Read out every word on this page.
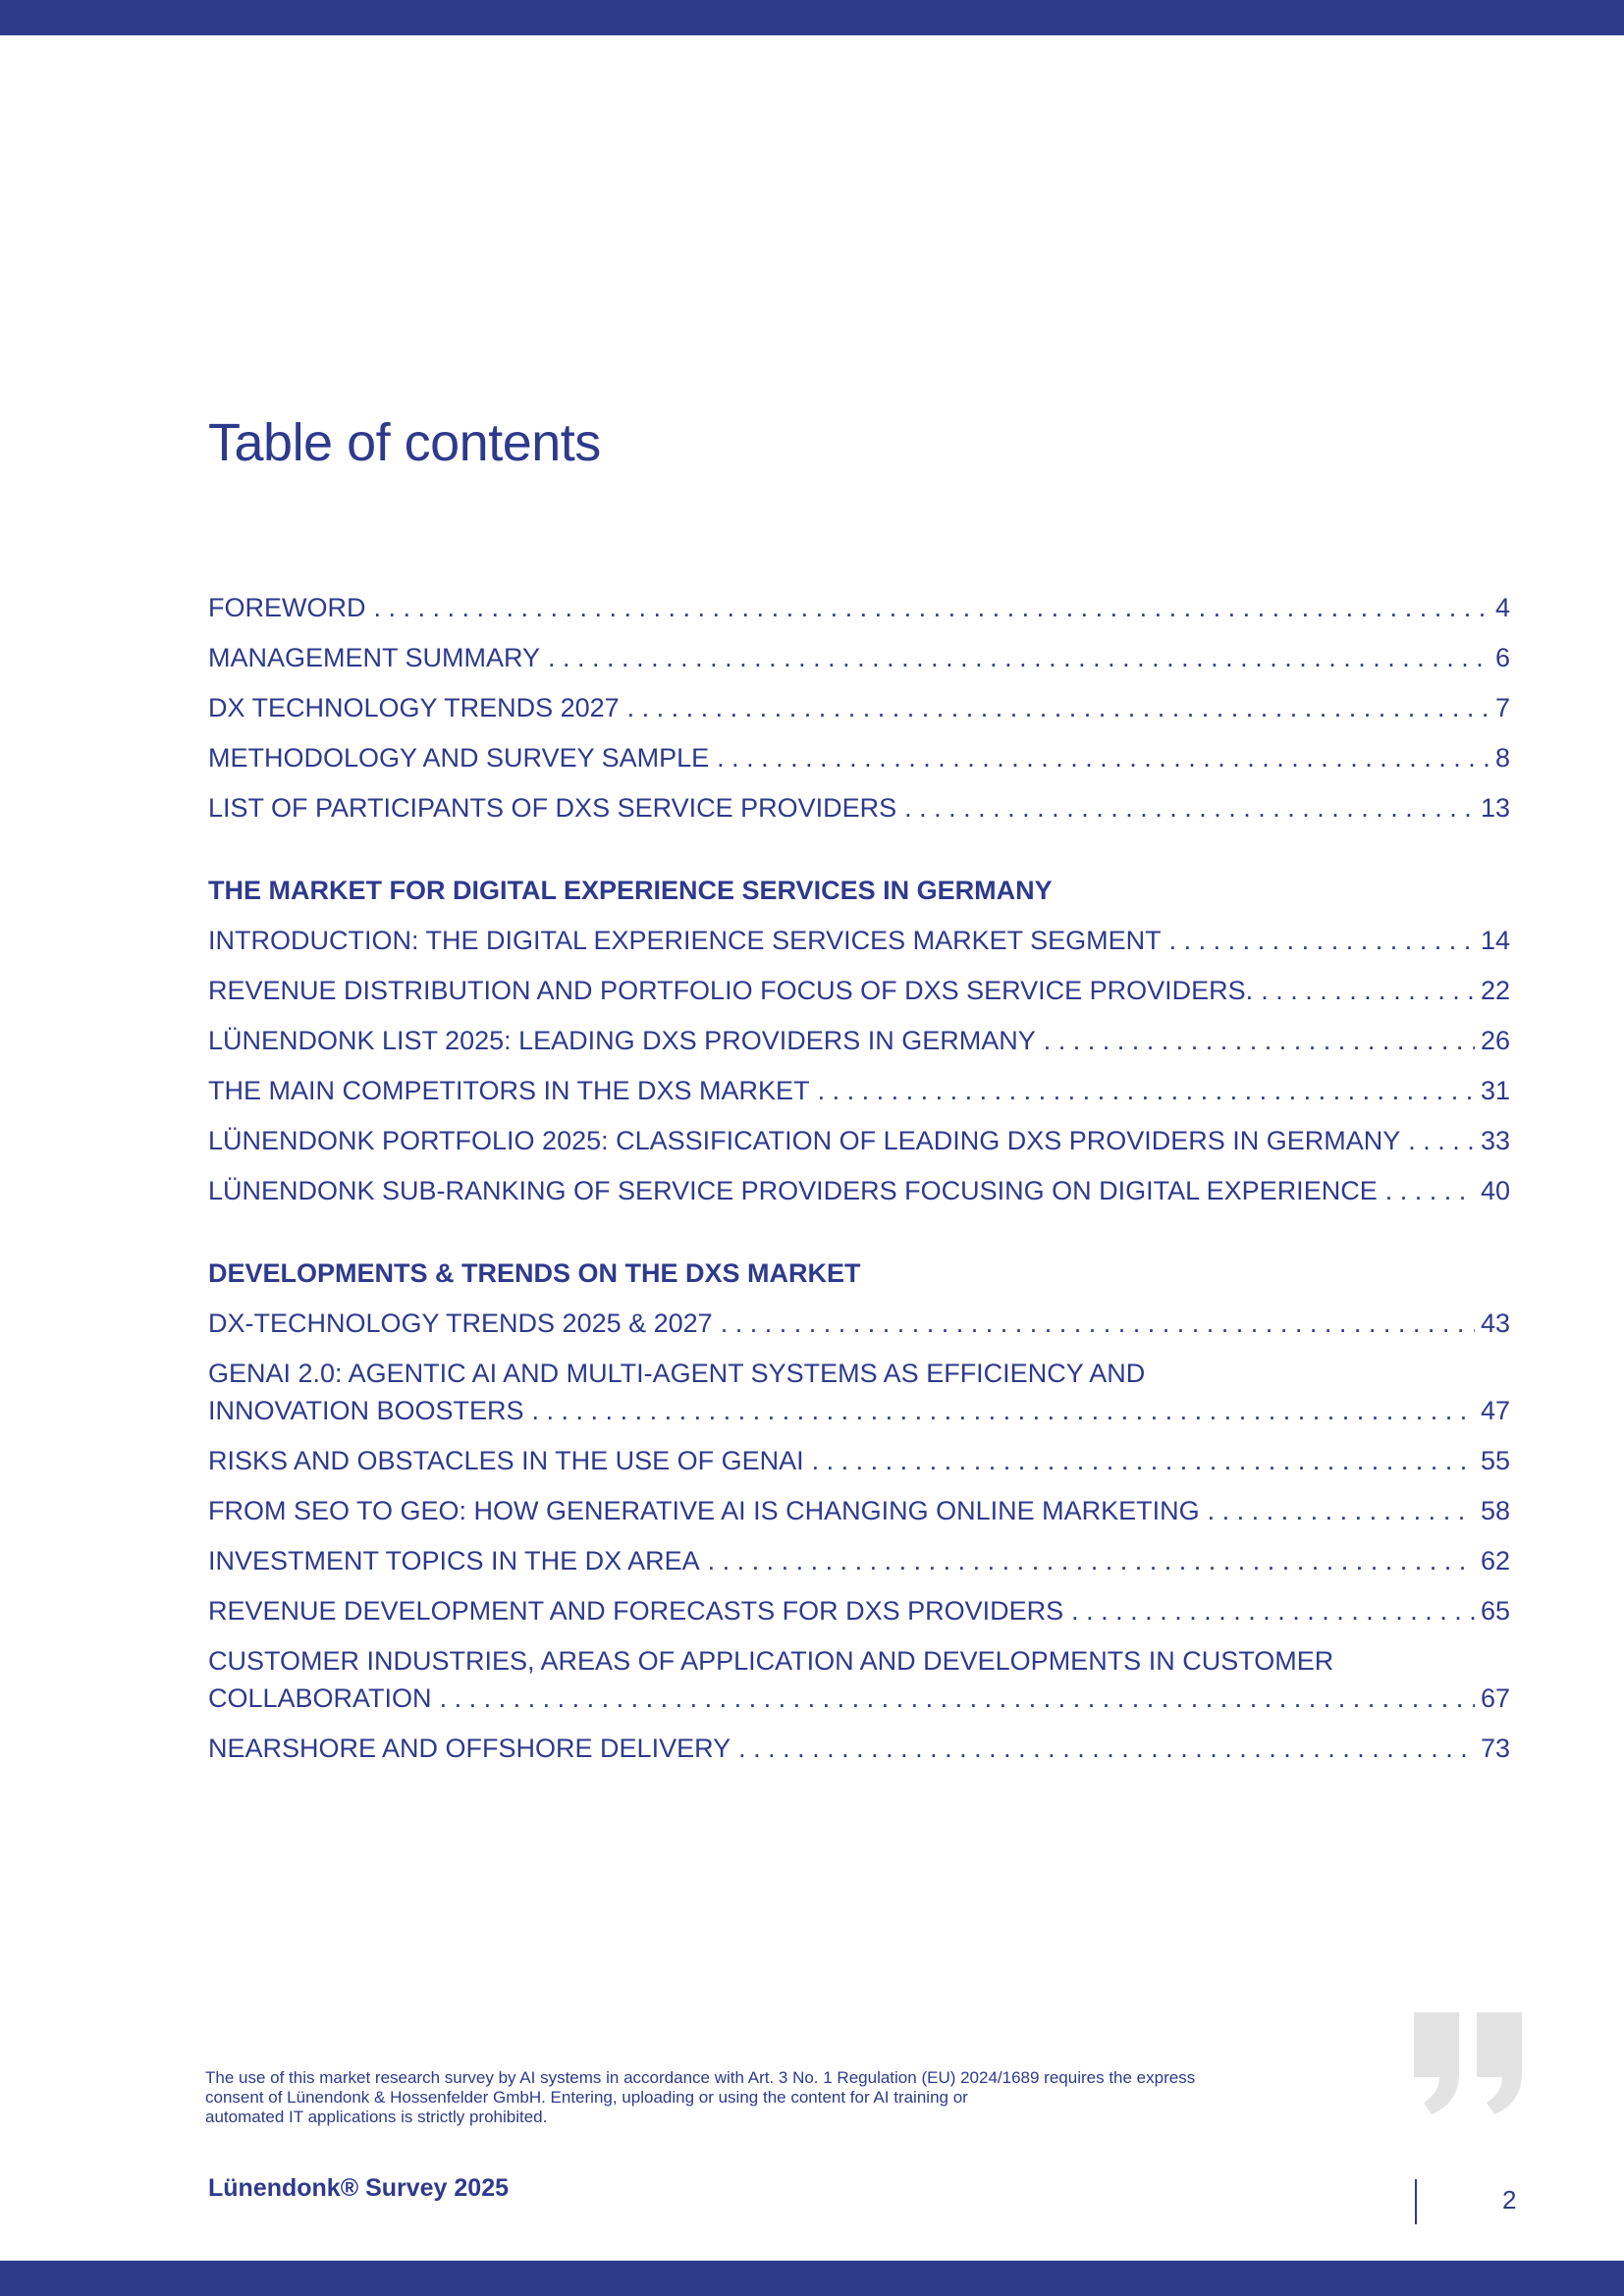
Table of contents
FOREWORD . . .	4
MANAGEMENT SUMMARY . . .	6
DX TECHNOLOGY TRENDS 2027 . . .	7
METHODOLOGY AND SURVEY SAMPLE . . .	8
LIST OF PARTICIPANTS OF DXS SERVICE PROVIDERS . . .	13
THE MARKET FOR DIGITAL EXPERIENCE SERVICES IN GERMANY
INTRODUCTION: THE DIGITAL EXPERIENCE SERVICES MARKET SEGMENT . . .	14
REVENUE DISTRIBUTION AND PORTFOLIO FOCUS OF DXS SERVICE PROVIDERS. . . .	22
LÜNENDONK LIST 2025: LEADING DXS PROVIDERS IN GERMANY . . .	26
THE MAIN COMPETITORS IN THE DXS MARKET . . .	31
LÜNENDONK PORTFOLIO 2025: CLASSIFICATION OF LEADING DXS PROVIDERS IN GERMANY . . .	33
LÜNENDONK SUB-RANKING OF SERVICE PROVIDERS FOCUSING ON DIGITAL EXPERIENCE . . .	40
DEVELOPMENTS & TRENDS ON THE DXS MARKET
DX-TECHNOLOGY TRENDS 2025 & 2027 . . .	43
GENAI 2.0: AGENTIC AI AND MULTI-AGENT SYSTEMS AS EFFICIENCY AND
INNOVATION BOOSTERS . . .	47
RISKS AND OBSTACLES IN THE USE OF GENAI . . .	55
FROM SEO TO GEO: HOW GENERATIVE AI IS CHANGING ONLINE MARKETING . . .	58
INVESTMENT TOPICS IN THE DX AREA . . .	62
REVENUE DEVELOPMENT AND FORECASTS FOR DXS PROVIDERS . . .	65
CUSTOMER INDUSTRIES, AREAS OF APPLICATION AND DEVELOPMENTS IN CUSTOMER
COLLABORATION . . .	67
NEARSHORE AND OFFSHORE DELIVERY . . .	73

The use of this market research survey by AI systems in accordance with Art. 3 No. 1 Regulation (EU) 2024/1689 requires the express
consent of Lünendonk & Hossenfelder GmbH. Entering, uploading or using the content for AI training or
automated IT applications is strictly prohibited.

Lünendonk® Survey 2025	2
